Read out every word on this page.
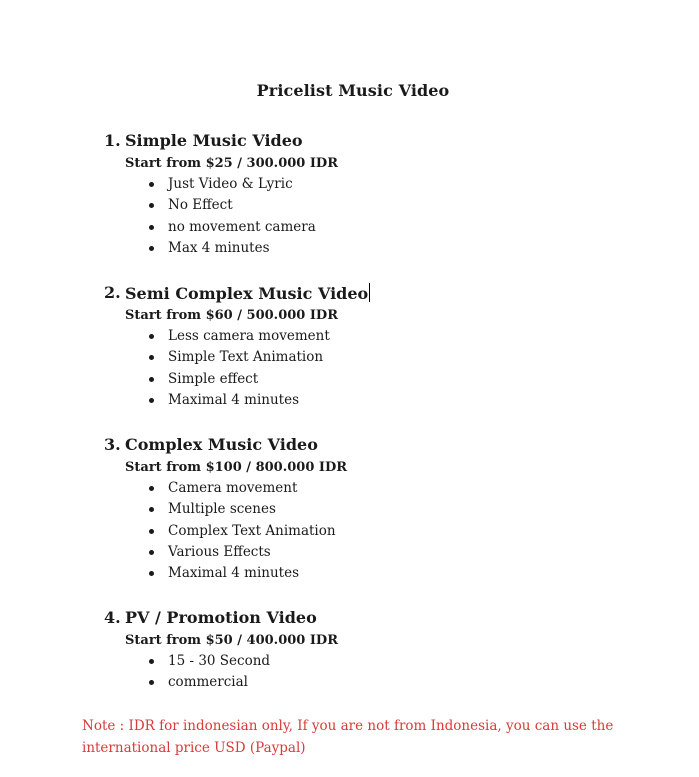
Pricelist Music Video
1. Simple Music Video
Start from $25 / 300.000 IDR
Just Video & Lyric
No Effect
no movement camera
Max 4 minutes
2. Semi Complex Music Video
Start from $60 / 500.000 IDR
Less camera movement
Simple Text Animation
Simple effect
Maximal 4 minutes
3. Complex Music Video
Start from $100 / 800.000 IDR
Camera movement
Multiple scenes
Complex Text Animation
Various Effects
Maximal 4 minutes
4. PV / Promotion Video
Start from $50 / 400.000 IDR
15 - 30 Second
commercial
Note : IDR for indonesian only, If you are not from Indonesia, you can use the international price USD (Paypal)
